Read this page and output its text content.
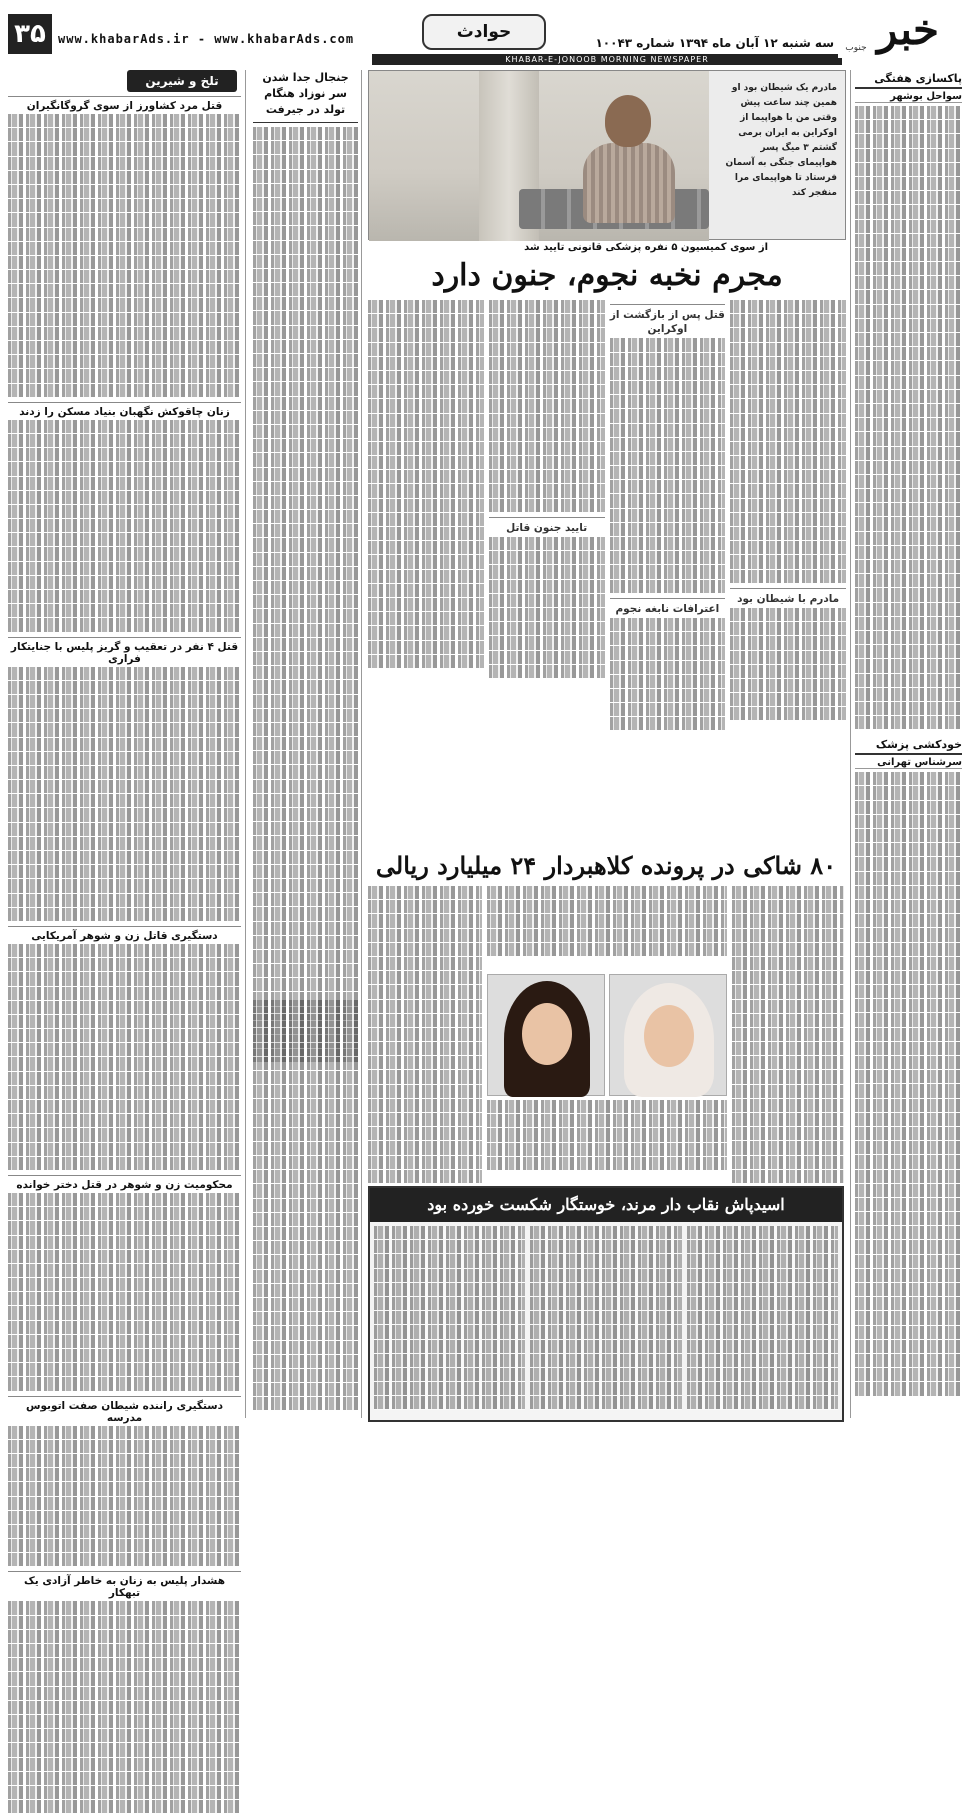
۳۵	www.khabarAds.ir - www.khabarAds.com	حوادث
سه شنبه ۱۲ آبان ماه ۱۳۹۴ شماره ۱۰۰۴۳
KHABAR-E-JONOOB MORNING NEWSPAPER
خبر
جنوب
پاکسازی هفتگی
سواحل بوشهر
خودکشی پزشک
سرشناس تهرانی
تلخ و شیرین
قتل مرد کشاورز از سوی گروگانگیران
زنان چاقوکش نگهبان بنیاد مسکن را زدند
قتل ۴ نفر در تعقیب و گریز پلیس با جنایتکار فراری
دستگیری قاتل زن و شوهر آمریکایی
محکومیت زن و شوهر در قتل دختر خوانده
دستگیری راننده شیطان صفت اتوبوس مدرسه
هشدار پلیس به زنان به خاطر آزادی یک تبهکار
جنجال جدا شدن سر نوزاد هنگام تولد در جیرفت
مادرم یک شیطان بود او همین چند ساعت پیش وقتی من با هواپیما از اوکراین به ایران برمی گشتم ۳ میگ پسر هواپیمای جنگی به آسمان فرستاد تا هواپیمای مرا منفجر کند
از سوی کمیسیون ۵ نفره پزشکی قانونی تایید شد
مجرم نخبه نجوم، جنون دارد
مادرم با شیطان بود
قتل پس از بازگشت از اوکراین
اعترافات نابغه نجوم
تایید جنون قاتل
۸۰ شاکی در پرونده کلاهبردار ۲۴ میلیارد ریالی
اسیدپاش نقاب دار مرند، خوستگار شکست خورده بود
